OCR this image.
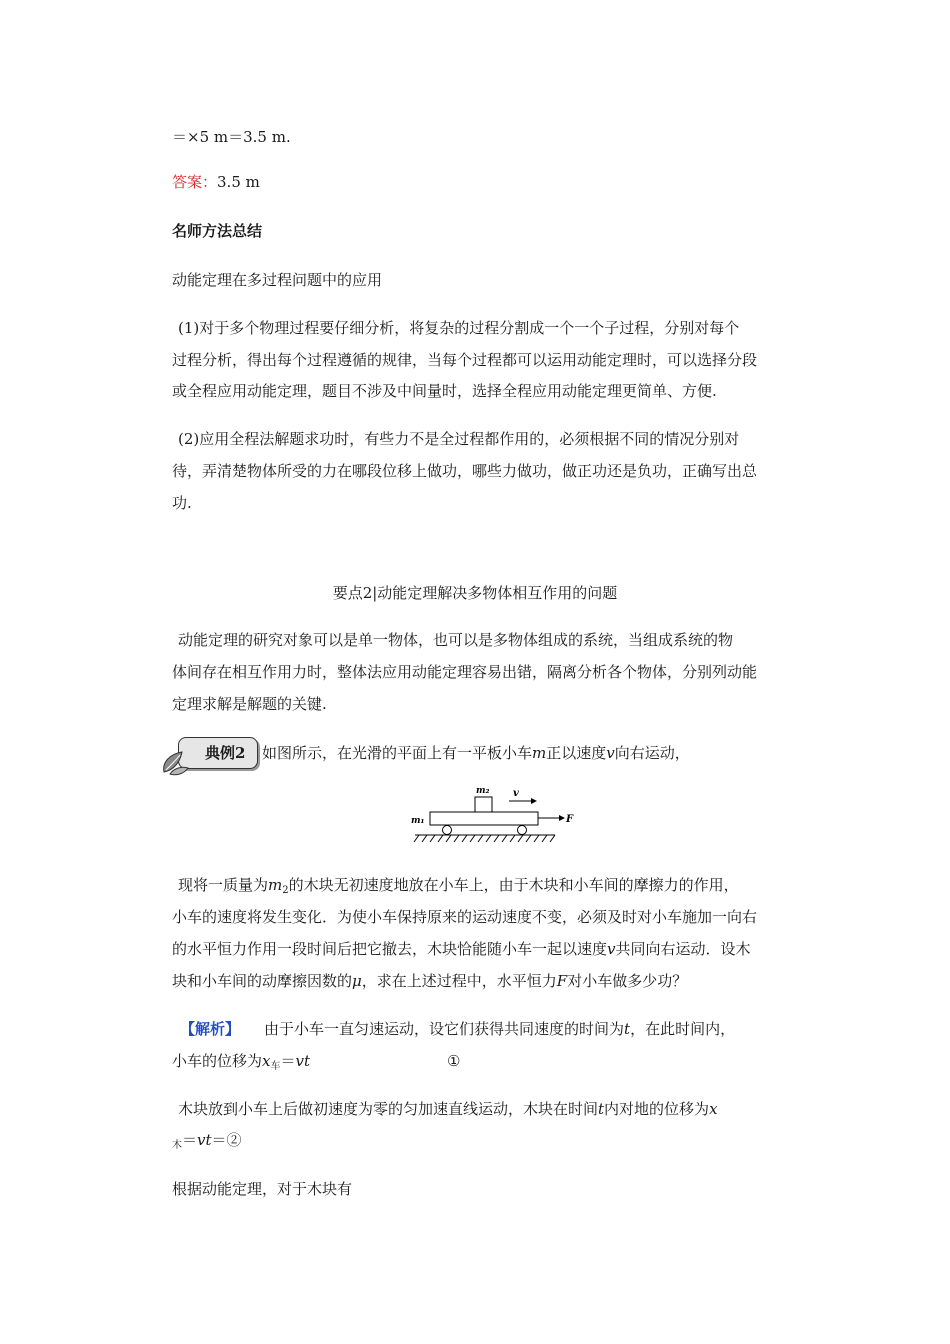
＝×5 m＝3.5 m.
答案：3.5 m
名师方法总结
动能定理在多过程问题中的应用
(1)对于多个物理过程要仔细分析，将复杂的过程分割成一个一个子过程，分别对每个
过程分析，得出每个过程遵循的规律，当每个过程都可以运用动能定理时，可以选择分段
或全程应用动能定理，题目不涉及中间量时，选择全程应用动能定理更简单、方便.
(2)应用全程法解题求功时，有些力不是全过程都作用的，必须根据不同的情况分别对
待，弄清楚物体所受的力在哪段位移上做功，哪些力做功，做正功还是负功，正确写出总
功.
要点2|动能定理解决多物体相互作用的问题
动能定理的研究对象可以是单一物体，也可以是多物体组成的系统，当组成系统的物
体间存在相互作用力时，整体法应用动能定理容易出错，隔离分析各个物体，分别列动能
定理求解是解题的关键.
典例2 如图所示，在光滑的平面上有一平板小车m正以速度v向右运动，
m₂ v
m₁	F
现将一质量为$m_2$的木块无初速度地放在小车上，由于木块和小车间的摩擦力的作用，
小车的速度将发生变化．为使小车保持原来的运动速度不变，必须及时对小车施加一向右
的水平恒力作用一段时间后把它撤去，木块恰能随小车一起以速度v共同向右运动．设木
块和小车间的动摩擦因数的μ，求在上述过程中，水平恒力F对小车做多少功？
【解析】 由于小车一直匀速运动，设它们获得共同速度的时间为t，在此时间内，
小车的位移为$x_车=vt$	①
木块放到小车上后做初速度为零的匀加速直线运动，木块在时间t内对地的位移为x
$_木$＝vt＝②
根据动能定理，对于木块有
